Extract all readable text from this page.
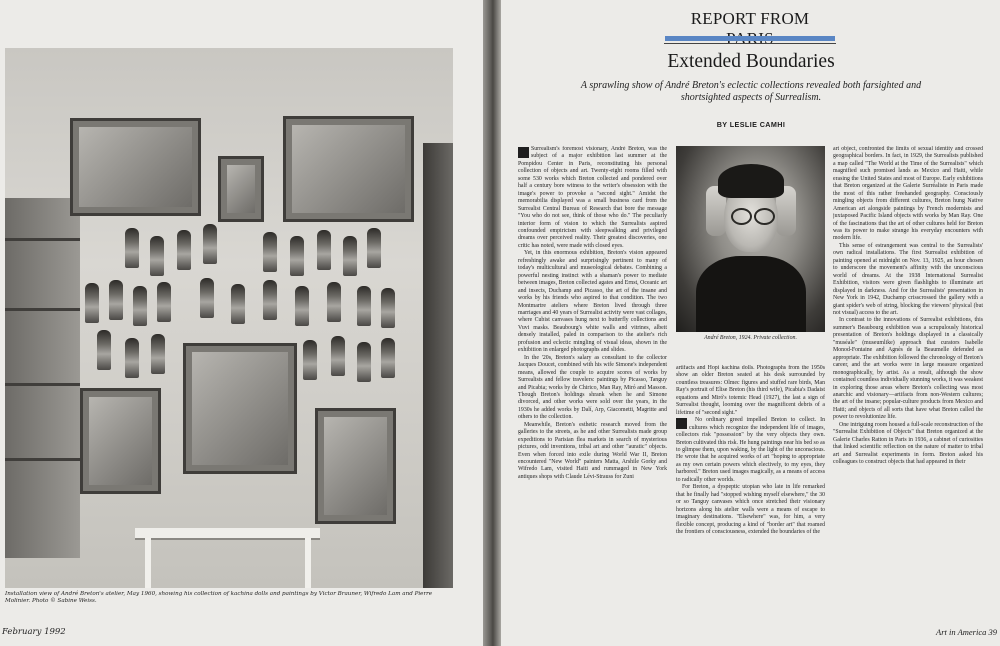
Installation view of André Breton's atelier, May 1960, showing his collection of kachina dolls and paintings by Victor Brauner, Wifredo Lam and Pierre Molinier. Photo © Sabine Weiss.
February 1992
REPORT FROM
Extended Boundaries
A sprawling show of André Breton's eclectic collections revealed both farsighted and shortsighted aspects of Surrealism.
BY LESLIE CAMHI

Surrealism's foremost visionary, André Breton, was the subject of a major exhibition last summer at the Pompidou Center in Paris, reconstituting his personal collection of objects and art. Twenty-eight rooms filled with some 530 works which Breton collected and pondered over half a century bore witness to the writer's obsession with the image's power to provoke a "second sight." Amidst the memorabilia displayed was a small business card from the Surrealist Central Bureau of Research that bore the message "You who do not see, think of those who do." The peculiarly interior form of vision to which the Surrealists aspired confounded empiricism with sleepwalking and privileged dreams over perceived reality. Their greatest discoveries, one critic has noted, were made with closed eyes.

Yet, in this enormous exhibition, Breton's vision appeared refreshingly awake and surprisingly pertinent to many of today's multicultural and museological debates. Combining a powerful nesting instinct with a shaman's power to mediate between images, Breton collected agates and Ernst, Oceanic art and insects, Duchamp and Picasso, the art of the insane and works by his friends who aspired to that condition. The two Montmartre ateliers where Breton lived through three marriages and 40 years of Surrealist activity were vast collages, where Cubist canvases hung next to butterfly collections and Vuvi masks. Beaubourg's white walls and vitrines, albeit densely installed, paled in comparison to the atelier's rich profusion and eclectic mingling of visual ideas, shown in the exhibition in enlarged photographs and slides.

In the '20s, Breton's salary as consultant to the collector Jacques Doucet, combined with his wife Simone's independent means, allowed the couple to acquire scores of works by Surrealists and fellow travelers: paintings by Picasso, Tanguy and Picabia; works by de Chirico, Man Ray, Miró and Masson. Though Breton's holdings shrank when he and Simone divorced, and other works were sold over the years, in the 1930s he added works by Dalí, Arp, Giacometti, Magritte and others to the collection.

Meanwhile, Breton's esthetic research moved from the galleries to the streets, as he and other Surrealists made group expeditions to Parisian flea markets in search of mysterious pictures, odd inventions, tribal art and other "auratic" objects. Even when forced into exile during World War II, Breton encountered "New World" painters Matta, Arshile Gorky and Wifredo Lam, visited Haiti and rummaged in New York antiques shops with Claude Lévi-Strauss for Zuni

André Breton, 1924. Private collection.

artifacts and Hopi kachina dolls. Photographs from the 1950s show an older Breton seated at his desk surrounded by countless treasures: Olmec figures and stuffed rare birds, Man Ray's portrait of Elise Breton (his third wife), Picabia's Dadaist equations and Miró's totemic Head (1927), the last a sign of Surrealist thought, looming over the magnificent debris of a lifetime of "second sight."

No ordinary greed impelled Breton to collect. In cultures which recognize the independent life of images, collectors risk "possession" by the very objects they own. Breton cultivated this risk. He hung paintings near his bed so as to glimpse them, upon waking, by the light of the unconscious. He wrote that he acquired works of art "hoping to appropriate as my own certain powers which electively, to my eyes, they harbored." Breton used images magically, as a means of access to radically other worlds.

For Breton, a dyspeptic utopian who late in life remarked that he finally had "stopped wishing myself elsewhere," the 30 or so Tanguy canvases which once stretched their visionary horizons along his atelier walls were a means of escape to imaginary destinations. "Elsewhere" was, for him, a very flexible concept, producing a kind of "border art" that roamed the frontiers of consciousness, extended the boundaries of the

art object, confronted the limits of sexual identity and crossed geographical borders. In fact, in 1929, the Surrealists published a map called "The World at the Time of the Surrealists" which magnified such promised lands as Mexico and Haiti, while erasing the United States and most of Europe. Early exhibitions that Breton organized at the Galerie Surréaliste in Paris made the most of this rather freehanded geography. Consciously mingling objects from different cultures, Breton hung Native American art alongside paintings by French modernists and juxtaposed Pacific Island objects with works by Man Ray. One of the fascinations that the art of other cultures held for Breton was its power to make strange his everyday encounters with modern life.

This sense of estrangement was central to the Surrealists' own radical installations. The first Surrealist exhibition of painting opened at midnight on Nov. 13, 1925, an hour chosen to underscore the movement's affinity with the unconscious world of dreams. At the 1938 International Surrealist Exhibition, visitors were given flashlights to illuminate art displayed in darkness. And for the Surrealists' presentation in New York in 1942, Duchamp crisscrossed the gallery with a giant spider's web of string, blocking the viewers' physical (but not visual) access to the art.

In contrast to the innovations of Surrealist exhibitions, this summer's Beaubourg exhibition was a scrupulously historical presentation of Breton's holdings displayed in a classically "muséale" (museumlike) approach that curators Isabelle Monod-Fontaine and Agnès de la Beaumelle defended as appropriate. The exhibition followed the chronology of Breton's career, and the art works were in large measure organized monographically, by artist. As a result, although the show contained countless individually stunning works, it was weakest in exploring those areas where Breton's collecting was most anarchic and visionary—artifacts from non-Western cultures; the art of the insane; popular-culture products from Mexico and Haiti; and objects of all sorts that have what Breton called the power to revolutionize life.

One intriguing room housed a full-scale reconstruction of the "Surrealist Exhibition of Objects" that Breton organized at the Galerie Charles Ratton in Paris in 1936, a cabinet of curiosities that linked scientific reflection on the nature of matter to tribal art and Surrealist experiments in form. Breton asked his colleagues to construct objects that had appeared in their

Art in America 39
